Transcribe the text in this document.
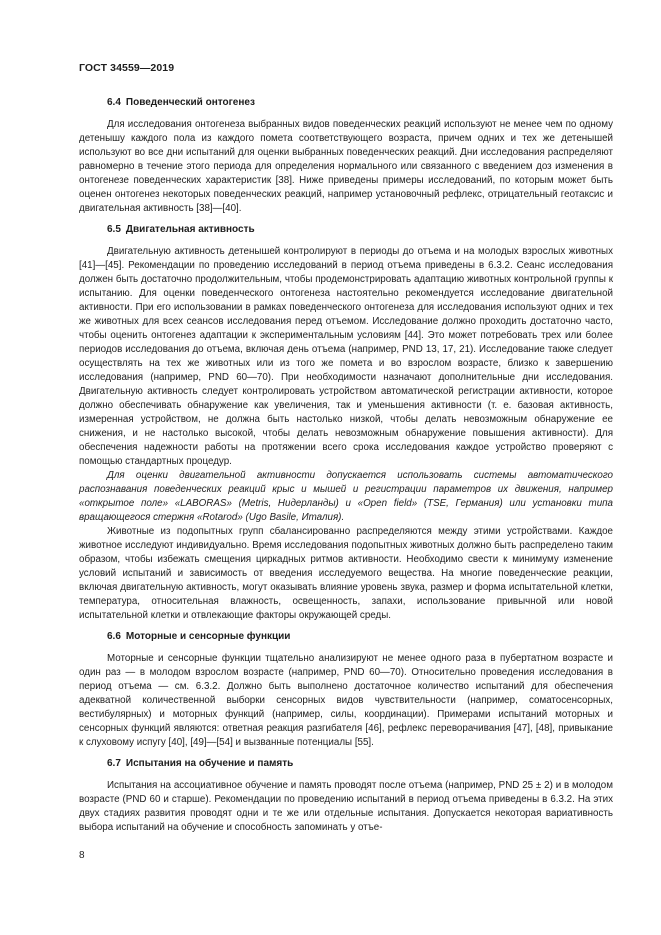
ГОСТ 34559—2019
6.4 Поведенческий онтогенез

Для исследования онтогенеза выбранных видов поведенческих реакций используют не менее чем по одному детенышу каждого пола из каждого помета соответствующего возраста, причем одних и тех же детенышей используют во все дни испытаний для оценки выбранных поведенческих реакций. Дни исследования распределяют равномерно в течение этого периода для определения нормального или связанного с введением доз изменения в онтогенезе поведенческих характеристик [38]. Ниже приведены примеры исследований, по которым может быть оценен онтогенез некоторых поведенческих реакций, например установочный рефлекс, отрицательный геотаксис и двигательная активность [38]—[40].

6.5 Двигательная активность

Двигательную активность детенышей контролируют в периоды до отъема и на молодых взрослых животных [41]—[45]. Рекомендации по проведению исследований в период отъема приведены в 6.3.2. Сеанс исследования должен быть достаточно продолжительным, чтобы продемонстрировать адаптацию животных контрольной группы к испытанию. Для оценки поведенческого онтогенеза настоятельно рекомендуется исследование двигательной активности. При его использовании в рамках поведенческого онтогенеза для исследования используют одних и тех же животных для всех сеансов исследования перед отъемом. Исследование должно проходить достаточно часто, чтобы оценить онтогенез адаптации к экспериментальным условиям [44]. Это может потребовать трех или более периодов исследования до отъема, включая день отъема (например, PND 13, 17, 21). Исследование также следует осуществлять на тех же животных или из того же помета и во взрослом возрасте, близко к завершению исследования (например, PND 60—70). При необходимости назначают дополнительные дни исследования. Двигательную активность следует контролировать устройством автоматической регистрации активности, которое должно обеспечивать обнаружение как увеличения, так и уменьшения активности (т. е. базовая активность, измеренная устройством, не должна быть настолько низкой, чтобы делать невозможным обнаружение ее снижения, и не настолько высокой, чтобы делать невозможным обнаружение повышения активности). Для обеспечения надежности работы на протяжении всего срока исследования каждое устройство проверяют с помощью стандартных процедур.

Для оценки двигательной активности допускается использовать системы автоматического распознавания поведенческих реакций крыс и мышей и регистрации параметров их движения, например «открытое поле» «LABORAS» (Metris, Нидерланды) и «Open field» (TSE, Германия) или установки типа вращающегося стержня «Rotarod» (Ugo Basile, Италия).

Животные из подопытных групп сбалансированно распределяются между этими устройствами. Каждое животное исследуют индивидуально. Время исследования подопытных животных должно быть распределено таким образом, чтобы избежать смещения циркадных ритмов активности. Необходимо свести к минимуму изменение условий испытаний и зависимость от введения исследуемого вещества. На многие поведенческие реакции, включая двигательную активность, могут оказывать влияние уровень звука, размер и форма испытательной клетки, температура, относительная влажность, освещенность, запахи, использование привычной или новой испытательной клетки и отвлекающие факторы окружающей среды.

6.6 Моторные и сенсорные функции

Моторные и сенсорные функции тщательно анализируют не менее одного раза в пубертатном возрасте и один раз — в молодом взрослом возрасте (например, PND 60—70). Относительно проведения исследования в период отъема — см. 6.3.2. Должно быть выполнено достаточное количество испытаний для обеспечения адекватной количественной выборки сенсорных видов чувствительности (например, соматосенсорных, вестибулярных) и моторных функций (например, силы, координации). Примерами испытаний моторных и сенсорных функций являются: ответная реакция разгибателя [46], рефлекс переворачивания [47], [48], привыкание к слуховому испугу [40], [49]—[54] и вызванные потенциалы [55].

6.7 Испытания на обучение и память

Испытания на ассоциативное обучение и память проводят после отъема (например, PND 25 ± 2) и в молодом возрасте (PND 60 и старше). Рекомендации по проведению испытаний в период отъема приведены в 6.3.2. На этих двух стадиях развития проводят одни и те же или отдельные испытания. Допускается некоторая вариативность выбора испытаний на обучение и способность запоминать у отъе-

8
